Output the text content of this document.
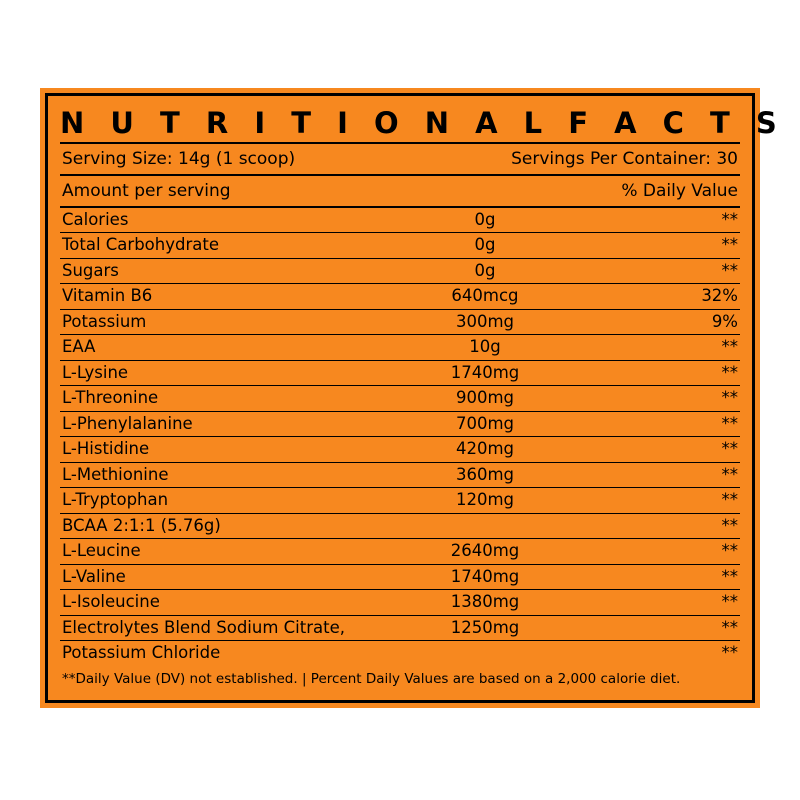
N U T R I T I O N A L F A C T S
Serving Size: 14g (1 scoop)	Servings Per Container: 30
Amount per serving	% Daily Value
Calories	0g	**
Total Carbohydrate	0g	**
Sugars	0g	**
Vitamin B6	640mcg	32%
Potassium	300mg	9%
EAA	10g	**
L-Lysine	1740mg	**
L-Threonine	900mg	**
L-Phenylalanine	700mg	**
L-Histidine	420mg	**
L-Methionine	360mg	**
L-Tryptophan	120mg	**
BCAA 2:1:1 (5.76g)		**
L-Leucine	2640mg	**
L-Valine	1740mg	**
L-Isoleucine	1380mg	**
Electrolytes Blend Sodium Citrate,	1250mg	**
Potassium Chloride		**
**Daily Value (DV) not established. | Percent Daily Values are based on a 2,000 calorie diet.
